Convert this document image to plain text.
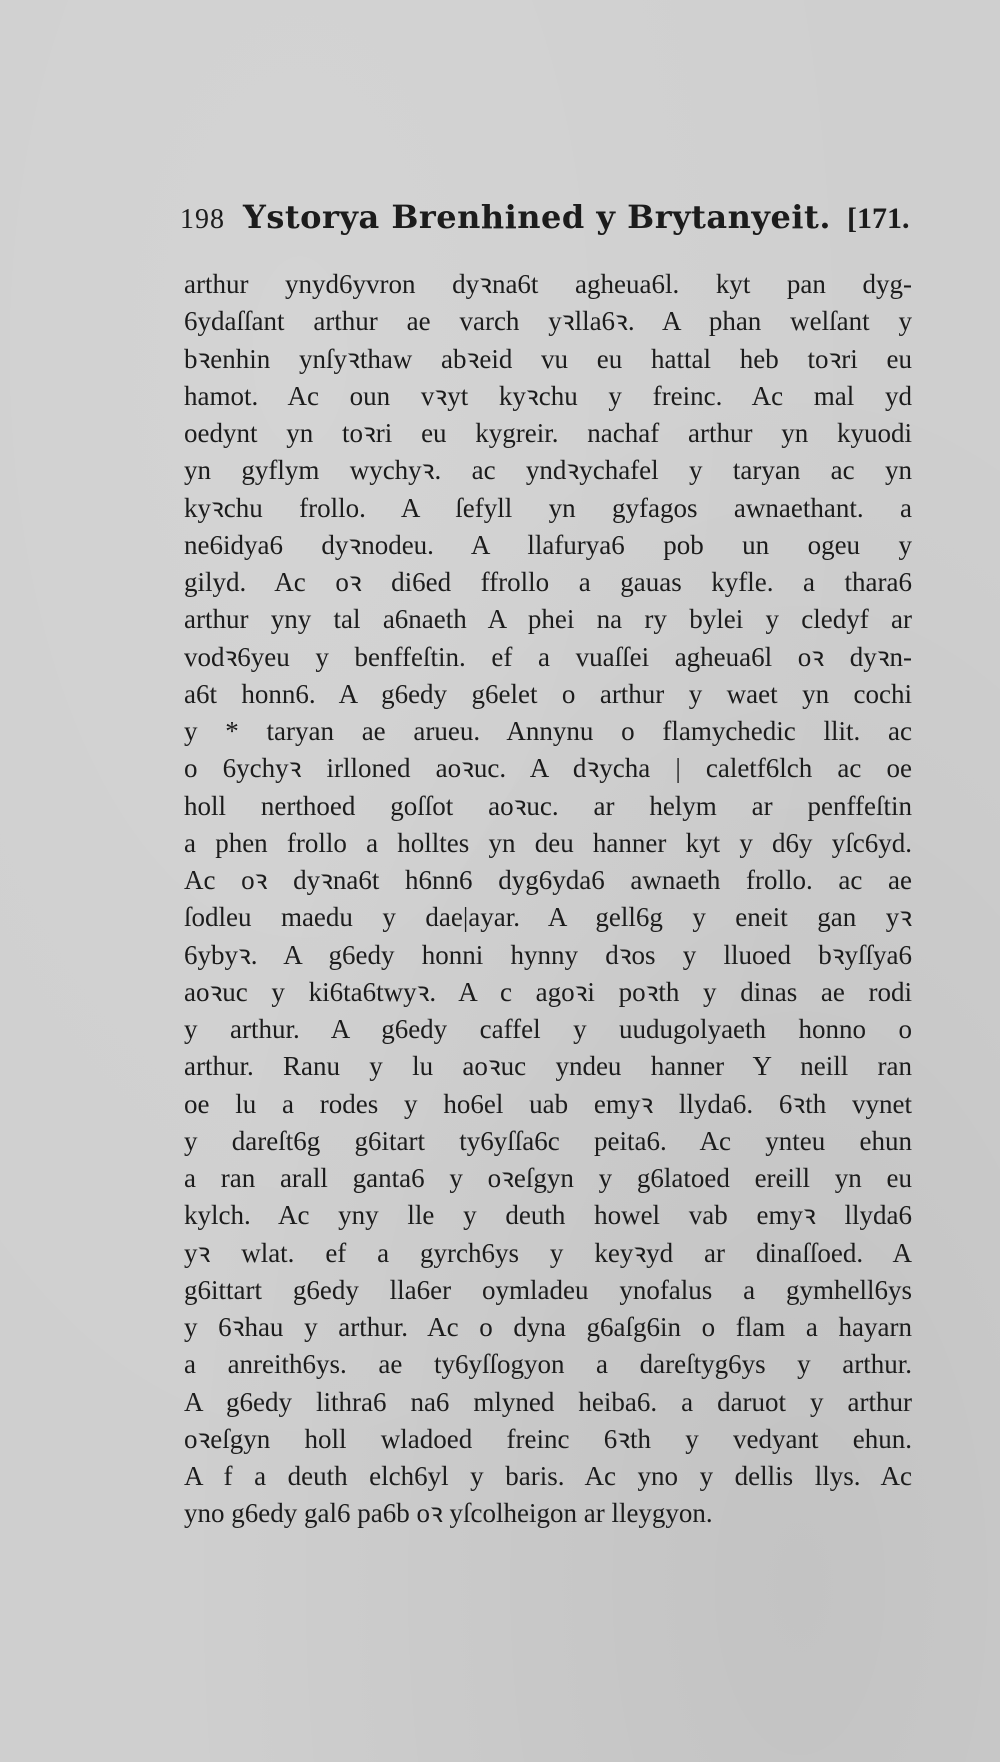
198 Ystorya Brenhined y Brytanyeit. [171.
arthur ynyd6yvron dyꝛna6t agheua6l. kyt pan dyg-
6ydaſſant arthur ae varch yꝛlla6ꝛ. A phan welſant y
bꝛenhin ynſyꝛthaw abꝛeid vu eu hattal heb toꝛri eu
hamot. Ac oun vꝛyt kyꝛchu y freinc. Ac mal yd
oedynt yn toꝛri eu kygreir. nachaf arthur yn kyuodi
yn gyflym wychyꝛ. ac yndꝛychafel y taryan ac yn
kyꝛchu frollo. A ſefyll yn gyfagos awnaethant. a
ne6idya6 dyꝛnodeu. A llafurya6 pob un ogeu y
gilyd. Ac oꝛ di6ed ffrollo a gauas kyfle. a thara6
arthur yny tal a6naeth A phei na ry bylei y cledyf ar
vodꝛ6yeu y benffeſtin. ef a vuaſſei agheua6l oꝛ dyꝛn-
a6t honn6. A g6edy g6elet o arthur y waet yn cochi
y * taryan ae arueu. Annynu o flamychedic llit. ac
o 6ychyꝛ irlloned aoꝛuc. A dꝛycha | caletf6lch ac oe
holl nerthoed goſſot aoꝛuc. ar helym ar penffeſtin
a phen frollo a holltes yn deu hanner kyt y d6y yſc6yd.
Ac oꝛ dyꝛna6t h6nn6 dyg6yda6 awnaeth frollo. ac ae
ſodleu maedu y dae|ayar. A gell6g y eneit gan yꝛ
6ybyꝛ. A g6edy honni hynny dꝛos y lluoed bꝛyſſya6
aoꝛuc y ki6ta6twyꝛ. A c agoꝛi poꝛth y dinas ae rodi
y arthur. A g6edy caffel y uudugolyaeth honno o
arthur. Ranu y lu aoꝛuc yndeu hanner Y neill ran
oe lu a rodes y ho6el uab emyꝛ llyda6. 6ꝛth vynet
y dareſt6g g6itart ty6yſſa6c peita6. Ac ynteu ehun
a ran arall ganta6 y oꝛeſgyn y g6latoed ereill yn eu
kylch. Ac yny lle y deuth howel vab emyꝛ llyda6
yꝛ wlat. ef a gyrch6ys y keyꝛyd ar dinaſſoed. A
g6ittart g6edy lla6er oymladeu ynofalus a gymhell6ys
y 6ꝛhau y arthur. Ac o dyna g6aſg6in o flam a hayarn
a anreith6ys. ae ty6yſſogyon a dareſtyg6ys y arthur.
A g6edy lithra6 na6 mlyned heiba6. a daruot y arthur
oꝛeſgyn holl wladoed freinc 6ꝛth y vedyant ehun.
A f a deuth elch6yl y baris. Ac yno y dellis llys. Ac
yno g6edy gal6 pa6b oꝛ yſcolheigon ar lleygyon.
